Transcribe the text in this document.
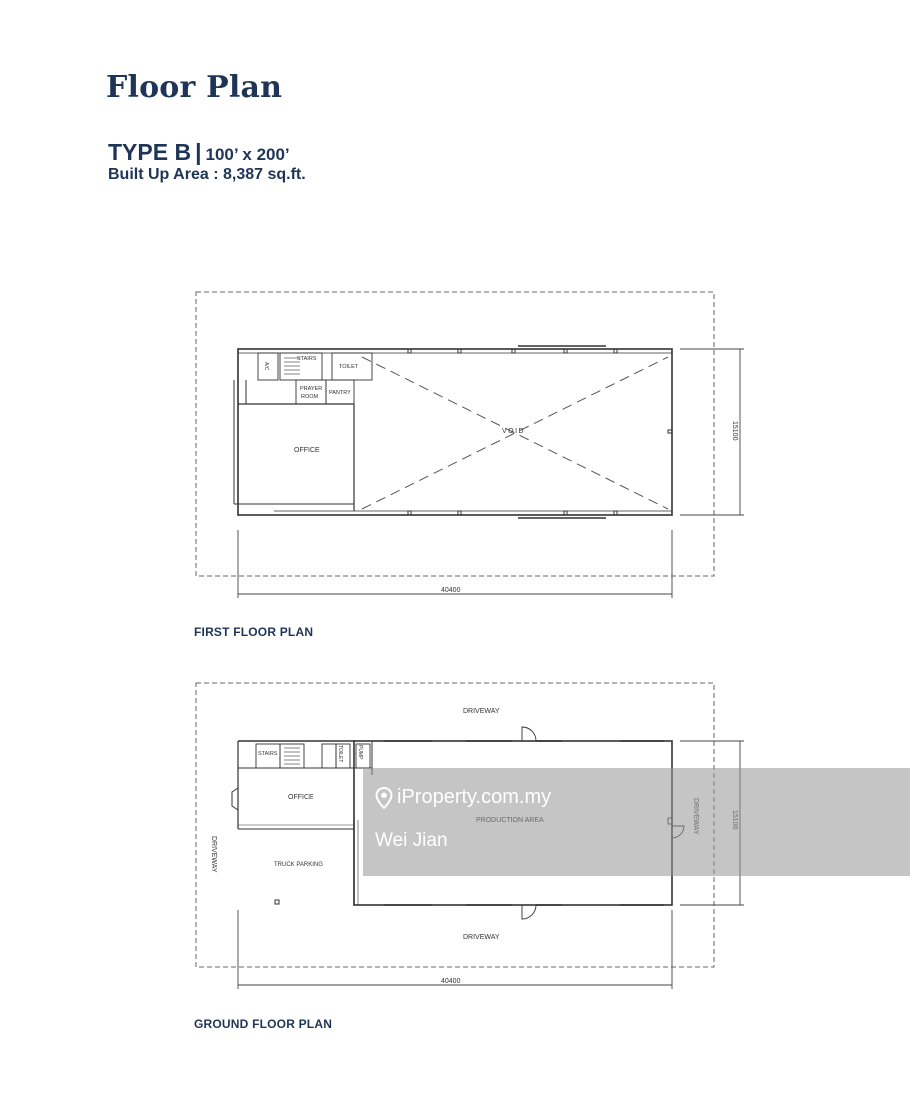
Floor Plan
TYPE B | 100’ x 200’
Built Up Area : 8,387 sq.ft.
OFFICE
STAIRS
TOILET
PRAYER
ROOM
PANTRY
A/C
VOID
40400
15100
FIRST FLOOR PLAN
DRIVEWAY
DRIVEWAY
DRIVEWAY
STAIRS	TOILET	PUMP
OFFICE
TRUCK PARKING
40400
GROUND FLOOR PLAN
iProperty.com.my
Wei Jian
